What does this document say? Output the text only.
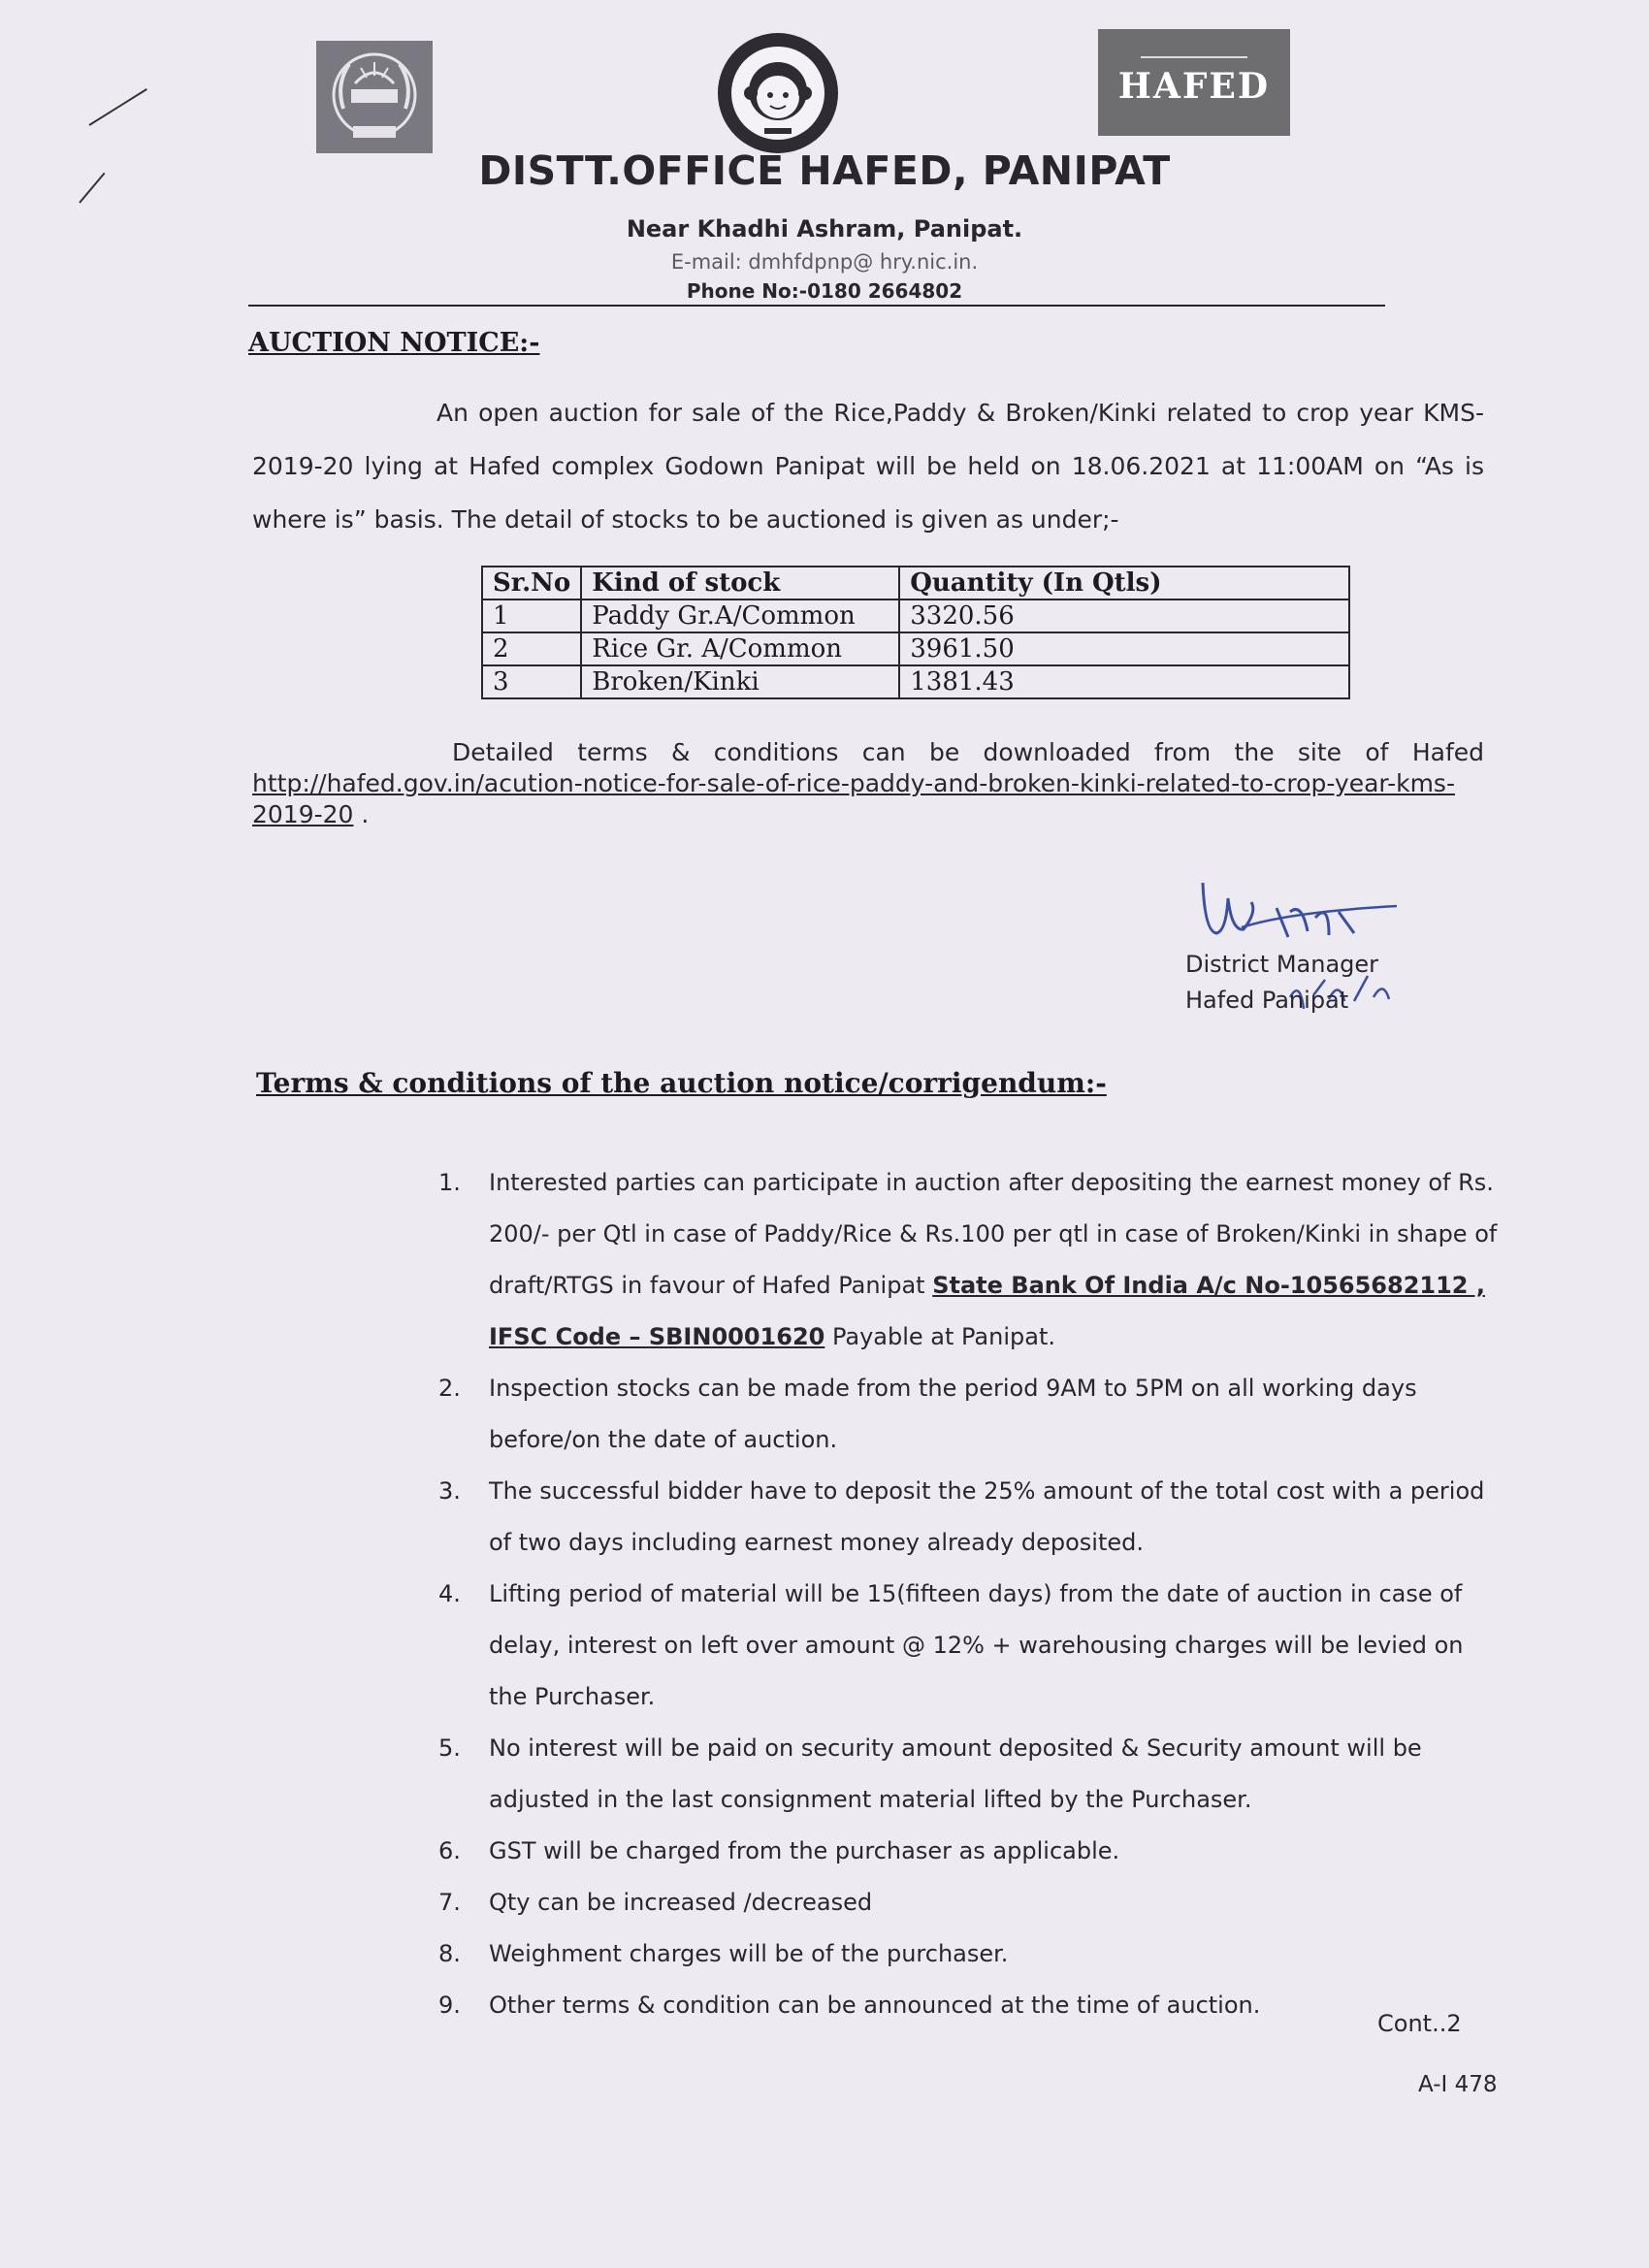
HAFED
DISTT.OFFICE HAFED, PANIPAT
Near Khadhi Ashram, Panipat.
E-mail: dmhfdpnp@ hry.nic.in.
Phone No:-0180 2664802
AUCTION NOTICE:-
An open auction for sale of the Rice,Paddy & Broken/Kinki related to crop year KMS-2019-20 lying at Hafed complex Godown Panipat will be held on 18.06.2021 at 11:00AM on “As is where is” basis. The detail of stocks to be auctioned is given as under;-
Sr.No	Kind of stock	Quantity (In Qtls)
1	Paddy Gr.A/Common	3320.56
2	Rice Gr. A/Common	3961.50
3	Broken/Kinki	1381.43
Detailed terms & conditions can be downloaded from the site of Hafed http://hafed.gov.in/acution-notice-for-sale-of-rice-paddy-and-broken-kinki-related-to-crop-year-kms-2019-20 .
District Manager
Hafed Panipat
Terms & conditions of the auction notice/corrigendum:-
1. Interested parties can participate in auction after depositing the earnest money of Rs. 200/- per Qtl in case of Paddy/Rice & Rs.100 per qtl in case of Broken/Kinki in shape of draft/RTGS in favour of Hafed Panipat State Bank Of India A/c No-10565682112 , IFSC Code – SBIN0001620 Payable at Panipat.
2. Inspection stocks can be made from the period 9AM to 5PM on all working days before/on the date of auction.
3. The successful bidder have to deposit the 25% amount of the total cost with a period of two days including earnest money already deposited.
4. Lifting period of material will be 15(fifteen days) from the date of auction in case of delay, interest on left over amount @ 12% + warehousing charges will be levied on the Purchaser.
5. No interest will be paid on security amount deposited & Security amount will be adjusted in the last consignment material lifted by the Purchaser.
6. GST will be charged from the purchaser as applicable.
7. Qty can be increased /decreased
8. Weighment charges will be of the purchaser.
9. Other terms & condition can be announced at the time of auction.
Cont..2
A-I 478
